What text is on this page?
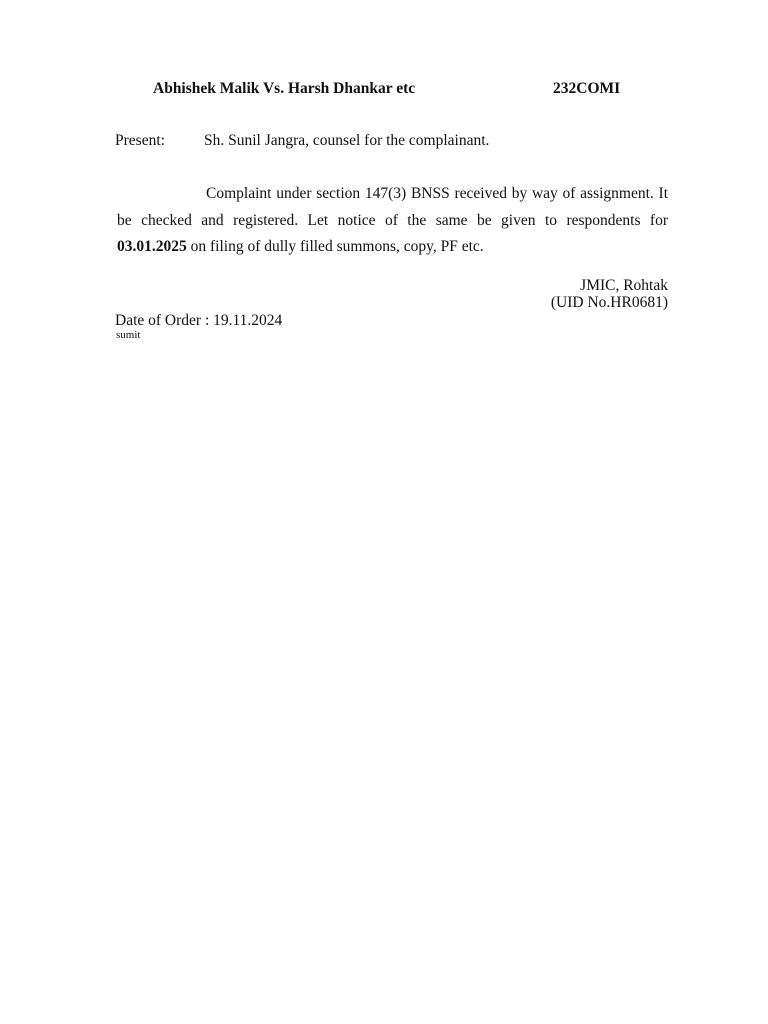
Abhishek Malik Vs. Harsh Dhankar etc	232COMI
Present:	Sh. Sunil Jangra, counsel for the complainant.

Complaint under section 147(3) BNSS received by way of assignment. It be checked and registered. Let notice of the same be given to respondents for 03.01.2025 on filing of dully filled summons, copy, PF etc.

JMIC, Rohtak
(UID No.HR0681)
Date of Order : 19.11.2024
sumit
